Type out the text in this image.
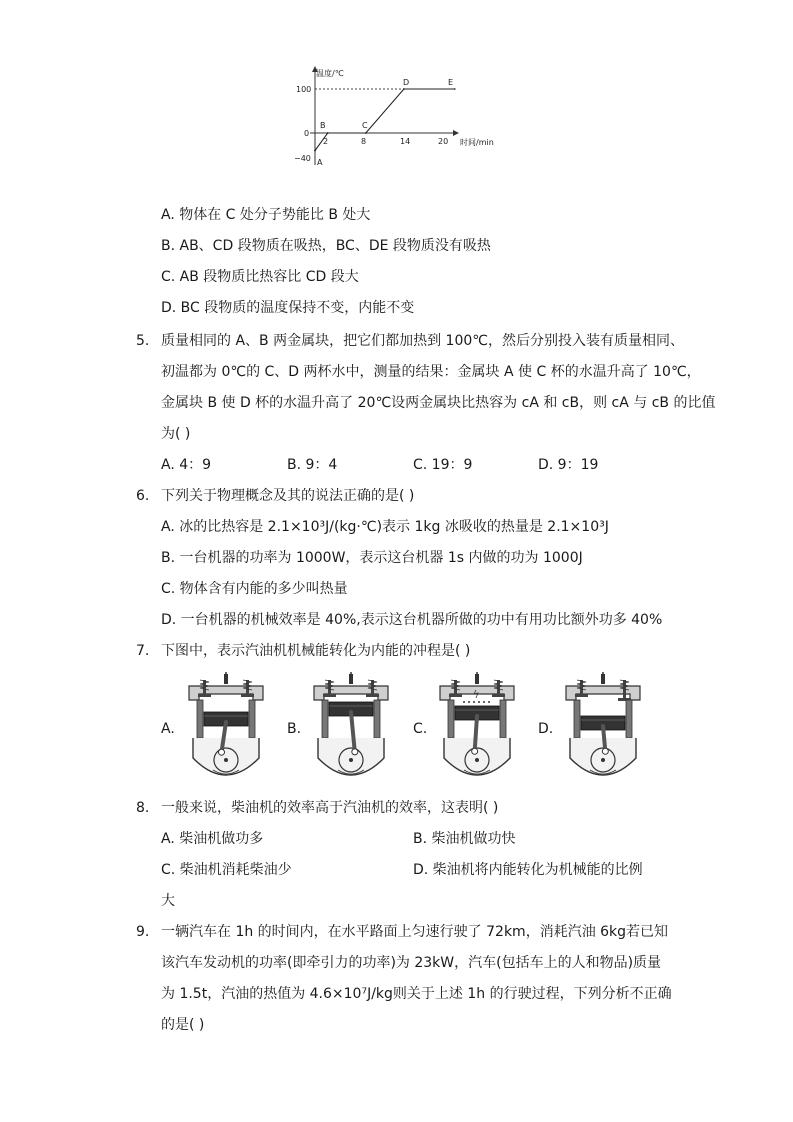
温度/℃
时间/min
100
0
−40
2	8	14	20
A
B	C
D	E
A. 物体在 C 处分子势能比 B 处大
B. AB、CD 段物质在吸热，BC、DE 段物质没有吸热
C. AB 段物质比热容比 CD 段大
D. BC 段物质的温度保持不变，内能不变
5. 质量相同的 A、B 两金属块，把它们都加热到 100℃，然后分别投入装有质量相同、
初温都为 0℃的 C、D 两杯水中，测量的结果：金属块 A 使 C 杯的水温升高了 10℃，
金属块 B 使 D 杯的水温升高了 20℃设两金属块比热容为 cA 和 cB，则 cA 与 cB 的比值
为( )
A. 4：9	B. 9：4	C. 19：9	D. 9：19
6. 下列关于物理概念及其的说法正确的是( )
A. 冰的比热容是 2.1×10³J/(kg·℃)表示 1kg 冰吸收的热量是 2.1×10³J
B. 一台机器的功率为 1000W，表示这台机器 1s 内做的功为 1000J
C. 物体含有内能的多少叫热量
D. 一台机器的机械效率是 40%,表示这台机器所做的功中有用功比额外功多 40%
7. 下图中，表示汽油机机械能转化为内能的冲程是( )
A.	B.	C.	D.
8. 一般来说，柴油机的效率高于汽油机的效率，这表明( )
A. 柴油机做功多	B. 柴油机做功快
C. 柴油机消耗柴油少	D. 柴油机将内能转化为机械能的比例
大
9. 一辆汽车在 1h 的时间内，在水平路面上匀速行驶了 72km，消耗汽油 6kg若已知
该汽车发动机的功率(即牵引力的功率)为 23kW，汽车(包括车上的人和物品)质量
为 1.5t，汽油的热值为 4.6×10⁷J/kg则关于上述 1h 的行驶过程，下列分析不正确
的是( )
